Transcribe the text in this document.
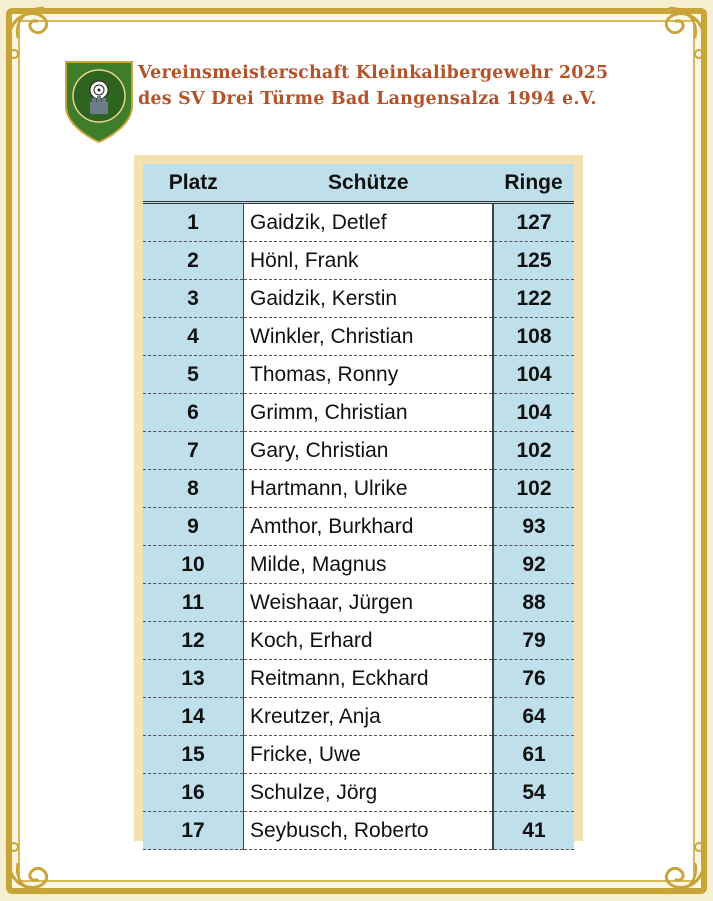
Vereinsmeisterschaft Kleinkalibergewehr 2025
des SV Drei Türme Bad Langensalza 1994 e.V.
Platz	Schütze	Ringe
1	Gaidzik, Detlef	127
2	Hönl, Frank	125
3	Gaidzik, Kerstin	122
4	Winkler, Christian	108
5	Thomas, Ronny	104
6	Grimm, Christian	104
7	Gary, Christian	102
8	Hartmann, Ulrike	102
9	Amthor, Burkhard	93
10	Milde, Magnus	92
11	Weishaar, Jürgen	88
12	Koch, Erhard	79
13	Reitmann, Eckhard	76
14	Kreutzer, Anja	64
15	Fricke, Uwe	61
16	Schulze, Jörg	54
17	Seybusch, Roberto	41
